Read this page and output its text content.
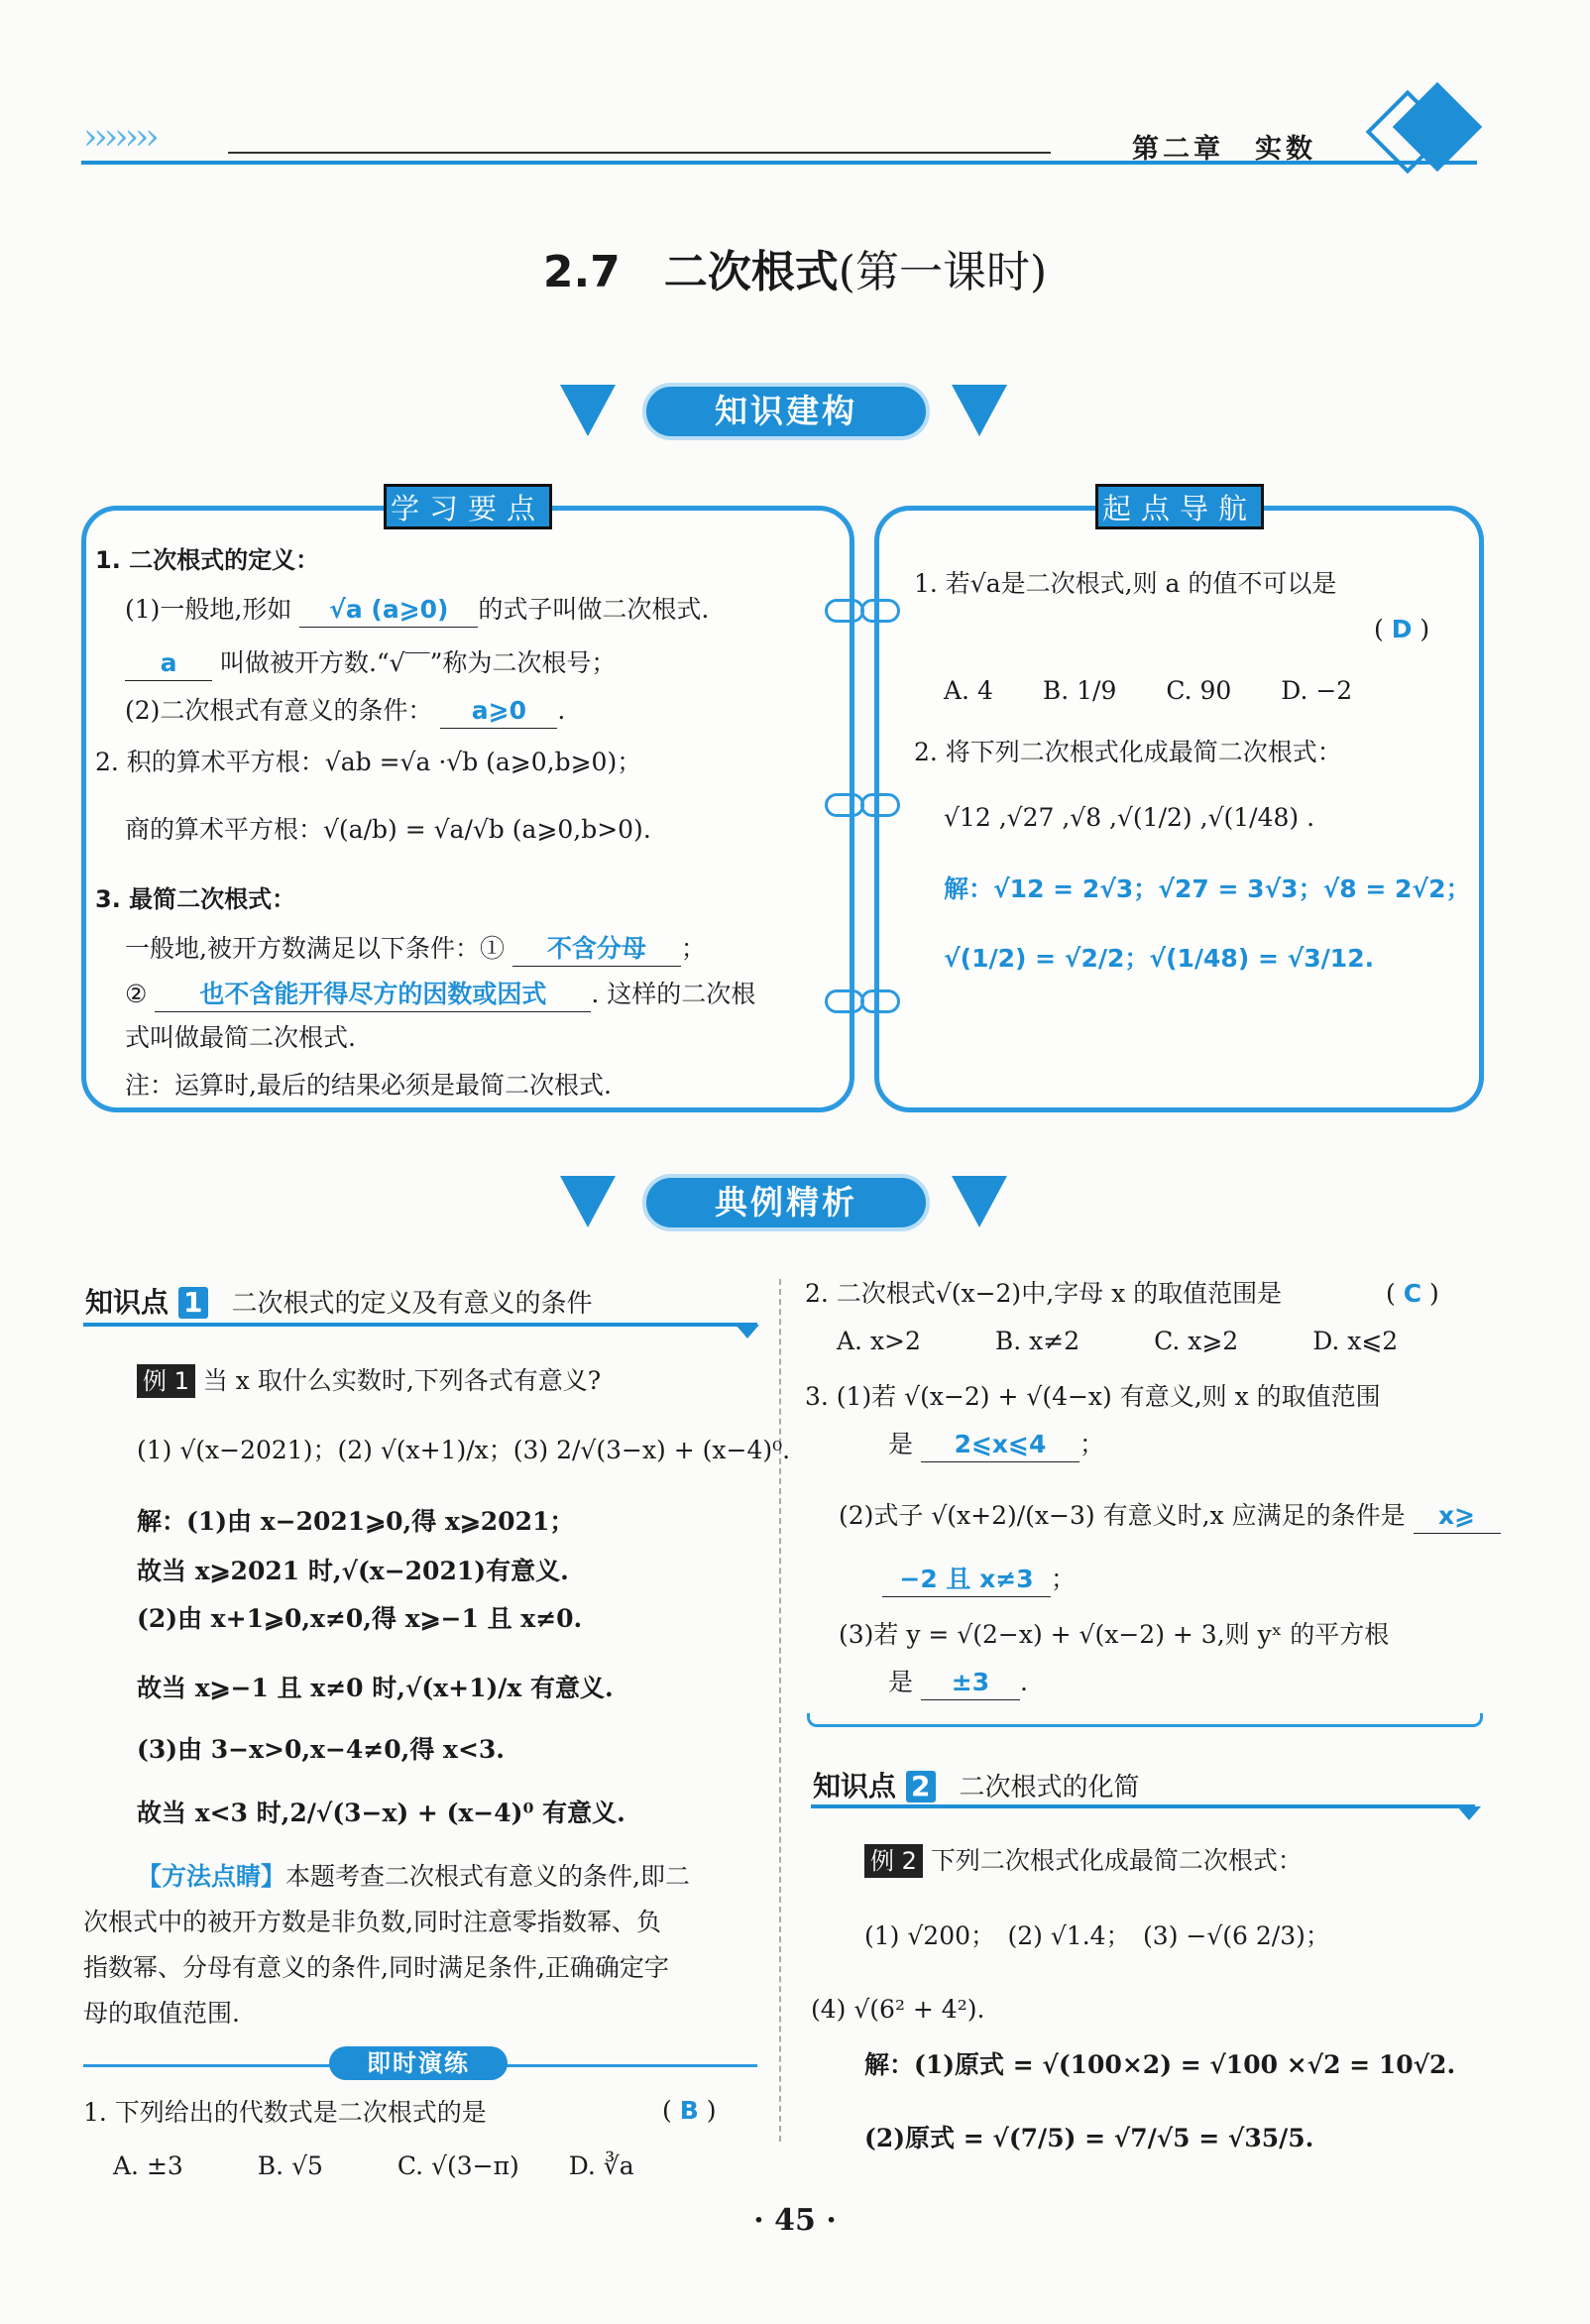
›››››››	第二章　实数
2.7　二次根式(第一课时)
知识建构
学习要点	起点导航
1. 二次根式的定义：
(1)一般地,形如 √a (a⩾0) 的式子叫做二次根式.
a 叫做被开方数.“√‾‾”称为二次根号；
(2)二次根式有意义的条件： a⩾0 .
2. 积的算术平方根：√ab =√a ·√b (a⩾0,b⩾0)；
商的算术平方根：√(a/b) = √a/√b (a⩾0,b>0).
3. 最简二次根式：
一般地,被开方数满足以下条件：① 不含分母 ；
② 也不含能开得尽方的因数或因式 . 这样的二次根
式叫做最简二次根式.
注：运算时,最后的结果必须是最简二次根式.
1. 若√a是二次根式,则 a 的值不可以是
( D )
A. 4　　B. 1/9　　C. 90　　D. −2
2. 将下列二次根式化成最简二次根式：
√12 ,√27 ,√8 ,√(1/2) ,√(1/48) .
解：√12 = 2√3；√27 = 3√3；√8 = 2√2；
√(1/2) = √2/2；√(1/48) = √3/12.
典例精析
知识点 1 二次根式的定义及有意义的条件
例 1 当 x 取什么实数时,下列各式有意义?
(1) √(x−2021)；(2) √(x+1)/x；(3) 2/√(3−x) + (x−4)⁰.
解：(1)由 x−2021⩾0,得 x⩾2021；
故当 x⩾2021 时,√(x−2021)有意义.
(2)由 x+1⩾0,x≠0,得 x⩾−1 且 x≠0.
故当 x⩾−1 且 x≠0 时,√(x+1)/x 有意义.
(3)由 3−x>0,x−4≠0,得 x<3.
故当 x<3 时,2/√(3−x) + (x−4)⁰ 有意义.
【方法点睛】本题考查二次根式有意义的条件,即二
次根式中的被开方数是非负数,同时注意零指数幂、负
指数幂、分母有意义的条件,同时满足条件,正确确定字
母的取值范围.
即时演练
1. 下列给出的代数式是二次根式的是	( B )
A. ±3　　　B. √5　　　C. √(3−π)　　D. ∛a
2. 二次根式√(x−2)中,字母 x 的取值范围是	( C )
A. x>2　　　B. x≠2　　　C. x⩾2　　　D. x⩽2
3. (1)若 √(x−2) + √(4−x) 有意义,则 x 的取值范围
是 2⩽x⩽4 ；
(2)式子 √(x+2)/(x−3) 有意义时,x 应满足的条件是 x⩾
−2 且 x≠3 ；
(3)若 y = √(2−x) + √(x−2) + 3,则 yˣ 的平方根
是 ±3 .
知识点 2 二次根式的化简
例 2 下列二次根式化成最简二次根式：
(1) √200；　(2) √1.4；　(3) −√(6 2/3)；
(4) √(6² + 4²).
解：(1)原式 = √(100×2) = √100 ×√2 = 10√2.
(2)原式 = √(7/5) = √7/√5 = √35/5.
· 45 ·
